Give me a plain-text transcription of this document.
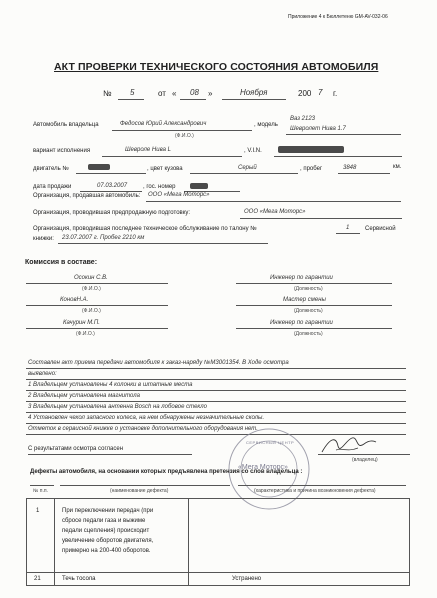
Приложение 4 к Бюллетеню GM-AV-032-06
АКТ ПРОВЕРКИ ТЕХНИЧЕСКОГО СОСТОЯНИЯ АВТОМОБИЛЯ
№ 5	от « 08 »	Ноября	200 7 г.
Автомобиль владельца	Федосов Юрий Александрович
(Ф.И.О.)
, модель
Ваз 2123
Шевролет Нива 1.7
вариант исполнения	Шевроле Нива L	, V.I.N.
двигатель №	, цвет кузова	Серый	, пробег	3848	км.
дата продажи	07.03.2007	, гос. номер
Организация, продавшая автомобиль: ООО «Мега Моторс»
Организация, проводившая предпродажную подготовку:	ООО «Мега Моторс»
Организация, проводившая последнее техническое обслуживание по талону №	1	Сервисной
книжки: 23.07.2007 г. Пробег 2210 км
Комиссия в составе:
Осокин С.В.
(Ф.И.О.)
Инженер по гарантии
(Должность)
КоновН.А.
(Ф.И.О.)
Мастер смены
(Должность)
Качурин М.П.
(Ф.И.О.)
Инженер по гарантии
(Должность)
Составлен акт приема передачи автомобиля к заказ-наряду №М3001354. В Ходе осмотра
выявлено:
1 Владельцем установлены 4 колонки в штатные места
2 Владельцем установлена магнитола
3 Владельцем установлена антенна Bosch на лобовое стекло
4 Установлен чехол запасного колеса, на нем обнаружены незначительные сколы.
Отметок в сервисной книжке о установке дополнительного оборудования нет.
С результатами осмотра согласен
(владелец)
«Мега Моторс»
СЕРВИСНЫЙ ЦЕНТР
Дефекты автомобиля, на основании которых предъявлена претензия со слов владельца :
№ п.п.	(наименование дефекта)	(характеристика и причина возникновения дефекта)
1	При переключении передач (при
сбросе педали газа и выжиме
педали сцепления) происходит
увеличение оборотов двигателя,
примерно на 200-400 оборотов.
21	Течь тосола	Устранено
